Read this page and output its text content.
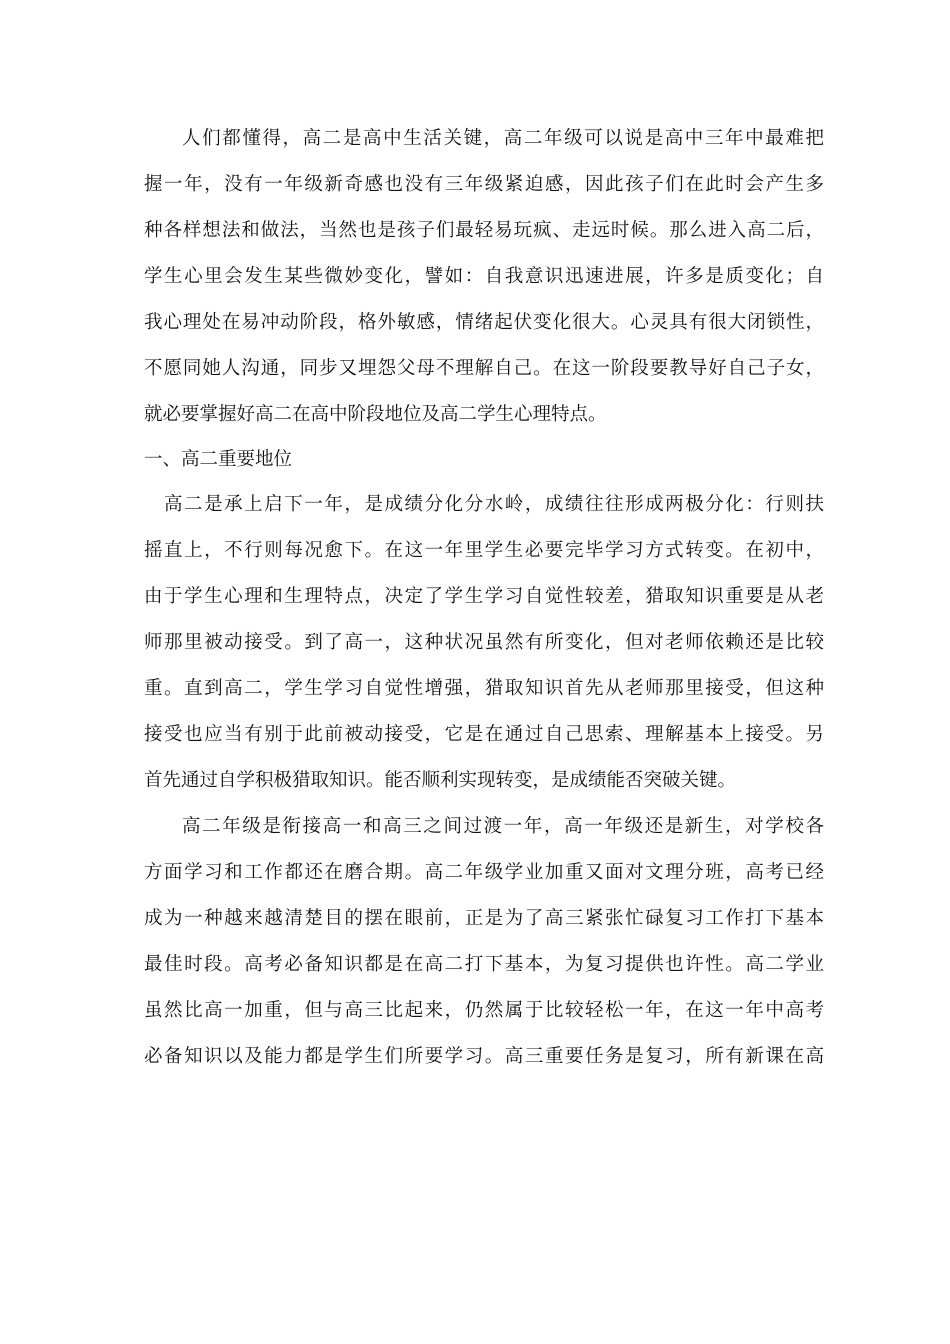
人们都懂得，高二是高中生活关键，高二年级可以说是高中三年中最难把
握一年，没有一年级新奇感也没有三年级紧迫感，因此孩子们在此时会产生多
种各样想法和做法，当然也是孩子们最轻易玩疯、走远时候。那么进入高二后，
学生心里会发生某些微妙变化，譬如：自我意识迅速进展，许多是质变化；自
我心理处在易冲动阶段，格外敏感，情绪起伏变化很大。心灵具有很大闭锁性，
不愿同她人沟通，同步又埋怨父母不理解自己。在这一阶段要教导好自己子女，
就必要掌握好高二在高中阶段地位及高二学生心理特点。
一、高二重要地位
高二是承上启下一年，是成绩分化分水岭，成绩往往形成两极分化：行则扶
摇直上，不行则每况愈下。在这一年里学生必要完毕学习方式转变。在初中，
由于学生心理和生理特点，决定了学生学习自觉性较差，猎取知识重要是从老
师那里被动接受。到了高一，这种状况虽然有所变化，但对老师依赖还是比较
重。直到高二，学生学习自觉性增强，猎取知识首先从老师那里接受，但这种
接受也应当有别于此前被动接受，它是在通过自己思索、理解基本上接受。另
首先通过自学积极猎取知识。能否顺利实现转变，是成绩能否突破关键。
高二年级是衔接高一和高三之间过渡一年，高一年级还是新生，对学校各
方面学习和工作都还在磨合期。高二年级学业加重又面对文理分班，高考已经
成为一种越来越清楚目的摆在眼前，正是为了高三紧张忙碌复习工作打下基本
最佳时段。高考必备知识都是在高二打下基本，为复习提供也许性。高二学业
虽然比高一加重，但与高三比起来，仍然属于比较轻松一年，在这一年中高考
必备知识以及能力都是学生们所要学习。高三重要任务是复习，所有新课在高
